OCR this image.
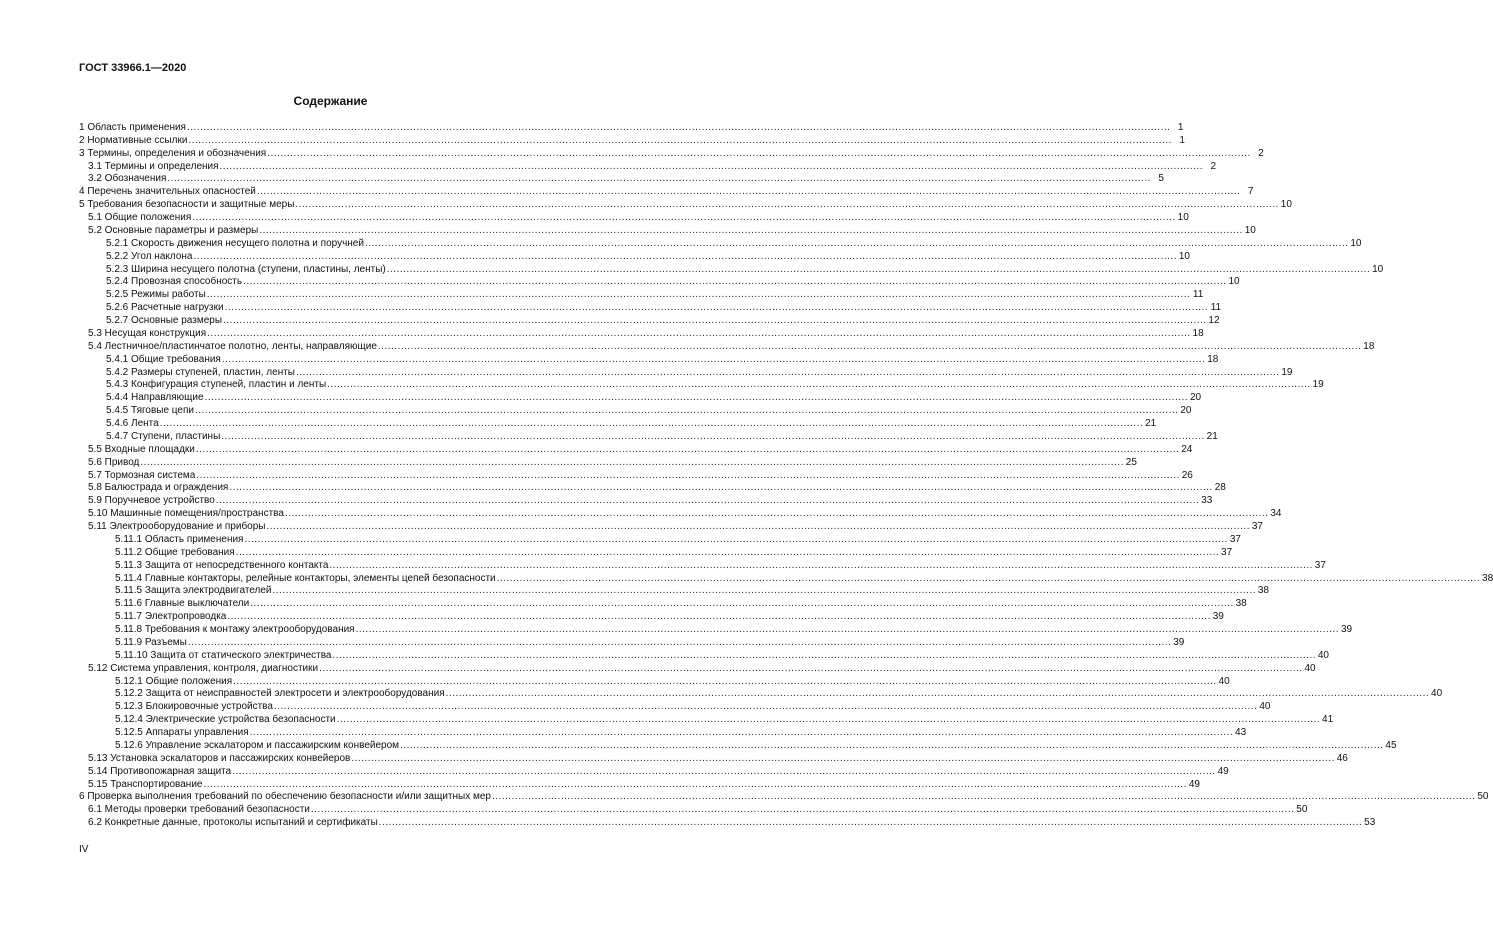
ГОСТ 33966.1—2020
Содержание
1 Область применения ............................................................................................................................................................................................................................................................................................................ 1
2 Нормативные ссылки ............................................................................................................................................................................................................................................................................................................ 1
3 Термины, определения и обозначения ............................................................................................................................................................................................................................................................................................................ 2
3.1 Термины и определения ............................................................................................................................................................................................................................................................................................................ 2
3.2 Обозначения ............................................................................................................................................................................................................................................................................................................ 5
4 Перечень значительных опасностей ............................................................................................................................................................................................................................................................................................................ 7
5 Требования безопасности и защитные меры ............................................................................................................................................................................................................................................................................................................ 10
5.1 Общие положения ............................................................................................................................................................................................................................................................................................................ 10
5.2 Основные параметры и размеры ............................................................................................................................................................................................................................................................................................................ 10
5.2.1 Скорость движения несущего полотна и поручней ............................................................................................................................................................................................................................................................................................................ 10
5.2.2 Угол наклона ............................................................................................................................................................................................................................................................................................................ 10
5.2.3 Ширина несущего полотна (ступени, пластины, ленты) ............................................................................................................................................................................................................................................................................................................ 10
5.2.4 Провозная способность ............................................................................................................................................................................................................................................................................................................ 10
5.2.5 Режимы работы ............................................................................................................................................................................................................................................................................................................ 11
5.2.6 Расчетные нагрузки ............................................................................................................................................................................................................................................................................................................ 11
5.2.7 Основные размеры ............................................................................................................................................................................................................................................................................................................ 12
5.3 Несущая конструкция ............................................................................................................................................................................................................................................................................................................ 18
5.4 Лестничное/пластинчатое полотно, ленты, направляющие ............................................................................................................................................................................................................................................................................................................ 18
5.4.1 Общие требования ............................................................................................................................................................................................................................................................................................................ 18
5.4.2 Размеры ступеней, пластин, ленты ............................................................................................................................................................................................................................................................................................................ 19
5.4.3 Конфигурация ступеней, пластин и ленты ............................................................................................................................................................................................................................................................................................................ 19
5.4.4 Направляющие ............................................................................................................................................................................................................................................................................................................ 20
5.4.5 Тяговые цепи ............................................................................................................................................................................................................................................................................................................ 20
5.4.6 Лента ............................................................................................................................................................................................................................................................................................................ 21
5.4.7 Ступени, пластины ............................................................................................................................................................................................................................................................................................................ 21
5.5 Входные площадки ............................................................................................................................................................................................................................................................................................................ 24
5.6 Привод ............................................................................................................................................................................................................................................................................................................ 25
5.7 Тормозная система ............................................................................................................................................................................................................................................................................................................ 26
5.8 Балюстрада и ограждения ............................................................................................................................................................................................................................................................................................................ 28
5.9 Поручневое устройство ............................................................................................................................................................................................................................................................................................................ 33
5.10 Машинные помещения/пространства ............................................................................................................................................................................................................................................................................................................ 34
5.11 Электрооборудование и приборы ............................................................................................................................................................................................................................................................................................................ 37
5.11.1 Область применения ............................................................................................................................................................................................................................................................................................................ 37
5.11.2 Общие требования ............................................................................................................................................................................................................................................................................................................ 37
5.11.3 Защита от непосредственного контакта ............................................................................................................................................................................................................................................................................................................ 37
5.11.4 Главные контакторы, релейные контакторы, элементы цепей безопасности ............................................................................................................................................................................................................................................................................................................ 38
5.11.5 Защита электродвигателей ............................................................................................................................................................................................................................................................................................................ 38
5.11.6 Главные выключатели ............................................................................................................................................................................................................................................................................................................ 38
5.11.7 Электропроводка ............................................................................................................................................................................................................................................................................................................ 39
5.11.8 Требования к монтажу электрооборудования ............................................................................................................................................................................................................................................................................................................ 39
5.11.9 Разъемы ............................................................................................................................................................................................................................................................................................................ 39
5.11.10 Защита от статического электричества ............................................................................................................................................................................................................................................................................................................ 40
5.12 Система управления, контроля, диагностики ............................................................................................................................................................................................................................................................................................................ 40
5.12.1 Общие положения ............................................................................................................................................................................................................................................................................................................ 40
5.12.2 Защита от неисправностей электросети и электрооборудования ............................................................................................................................................................................................................................................................................................................ 40
5.12.3 Блокировочные устройства ............................................................................................................................................................................................................................................................................................................ 40
5.12.4 Электрические устройства безопасности ............................................................................................................................................................................................................................................................................................................ 41
5.12.5 Аппараты управления ............................................................................................................................................................................................................................................................................................................ 43
5.12.6 Управление эскалатором и пассажирским конвейером ............................................................................................................................................................................................................................................................................................................ 45
5.13 Установка эскалаторов и пассажирских конвейеров ............................................................................................................................................................................................................................................................................................................ 46
5.14 Противопожарная защита ............................................................................................................................................................................................................................................................................................................ 49
5.15 Транспортирование ............................................................................................................................................................................................................................................................................................................ 49
6 Проверка выполнения требований по обеспечению безопасности и/или защитных мер ............................................................................................................................................................................................................................................................................................................ 50
6.1 Методы проверки требований безопасности ............................................................................................................................................................................................................................................................................................................ 50
6.2 Конкретные данные, протоколы испытаний и сертификаты ............................................................................................................................................................................................................................................................................................................ 53
IV
